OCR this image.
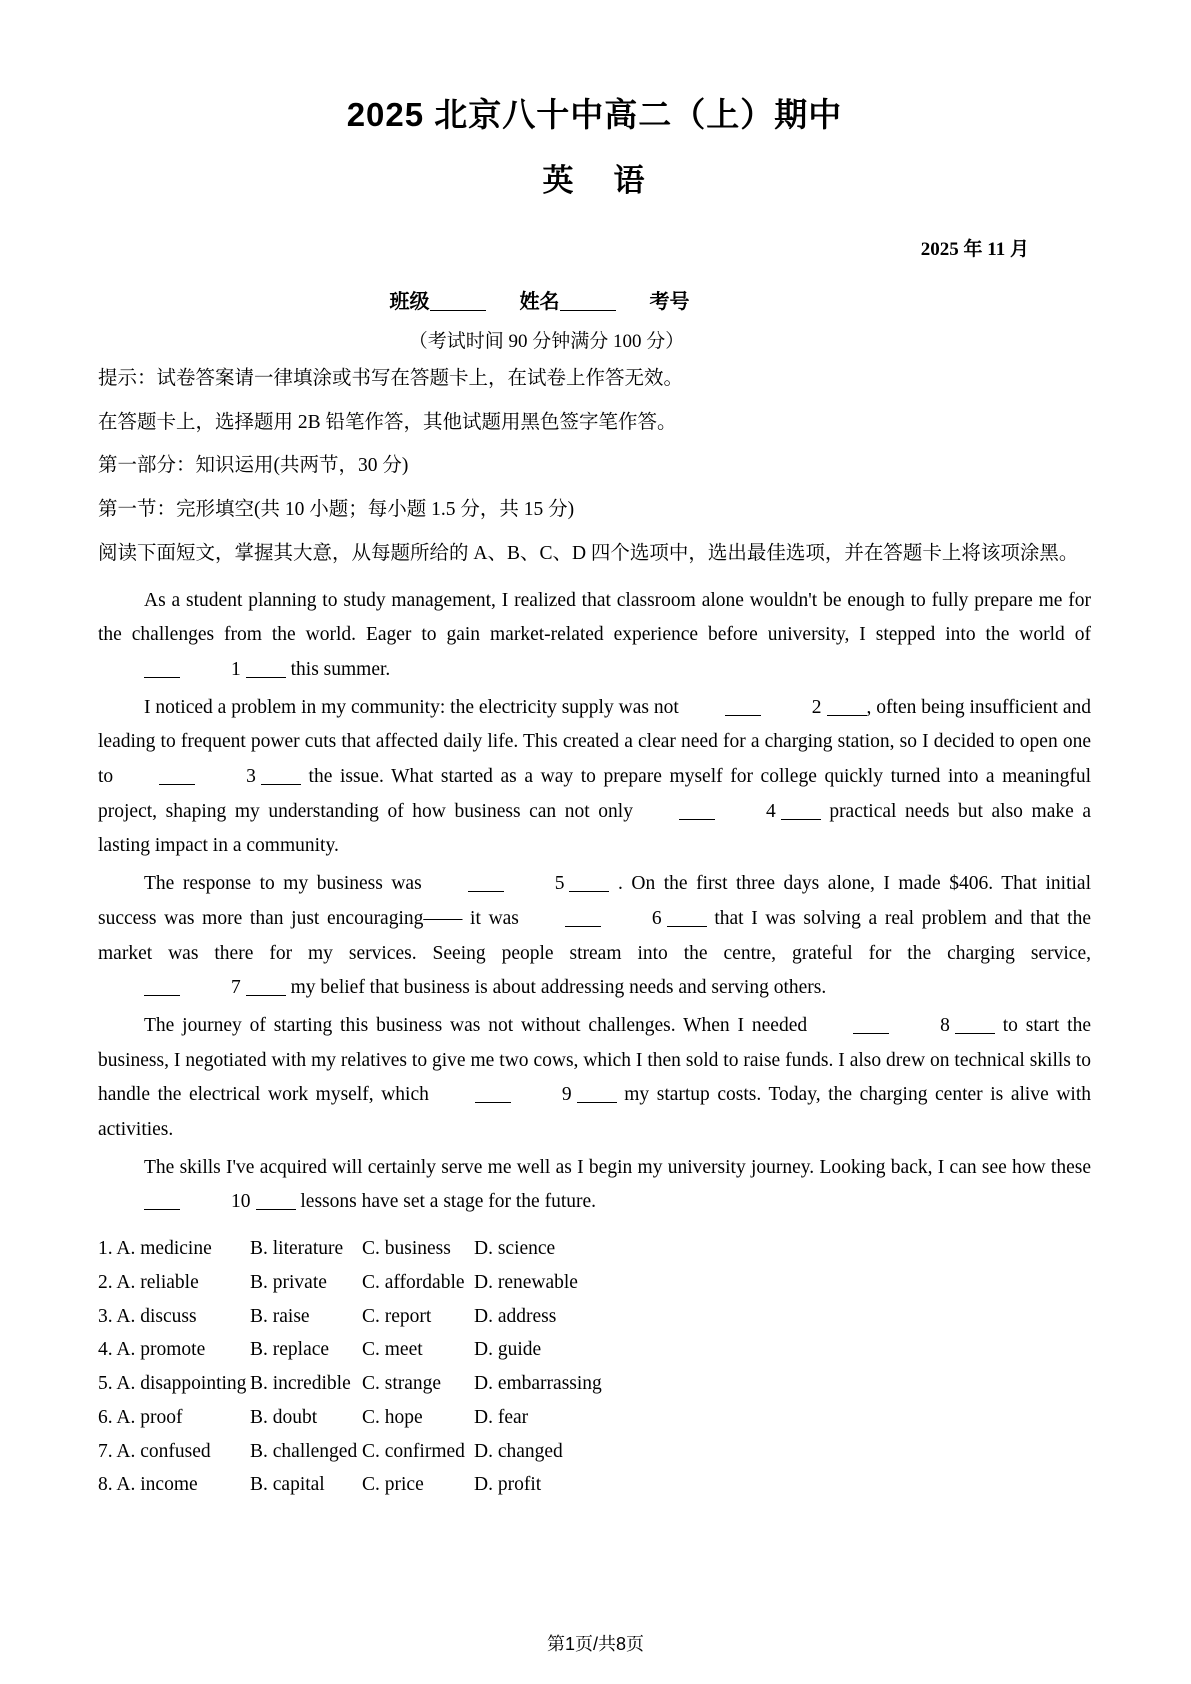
2025 北京八十中高二（上）期中
英 语

2025 年 11 月

班级	姓名	考号

（考试时间 90 分钟满分 100 分）

提示：试卷答案请一律填涂或书写在答题卡上，在试卷上作答无效。

在答题卡上，选择题用 2B 铅笔作答，其他试题用黑色签字笔作答。

第一部分：知识运用(共两节，30 分)

第一节：完形填空(共 10 小题；每小题 1.5 分，共 15 分)

阅读下面短文，掌握其大意，从每题所给的 A、B、C、D 四个选项中，选出最佳选项，并在答题卡上将该项涂黑。

As a student planning to study management, I realized that classroom alone wouldn't be enough to fully prepare me for the challenges from the world. Eager to gain market-related experience before university, I stepped into the world of1	this summer.

I noticed a problem in my community: the electricity supply was not	2 , often being insufficient and leading to frequent power cuts that affected daily life. This created a clear need for a charging station, so I decided to open one to	3	the issue. What started as a way to prepare myself for college quickly turned into a meaningful project, shaping my understanding of how business can not only	4	practical needs but also make a lasting impact in a community.

The response to my business was	5	. On the first three days alone, I made $406. That initial success was more than just encouraging—— it was	6	that I was solving a real problem and that the market was there for my services. Seeing people stream into the centre, grateful for the charging service,7	my belief that business is about addressing needs and serving others.

The journey of starting this business was not without challenges. When I needed	8	to start the business, I negotiated with my relatives to give me two cows, which I then sold to raise funds. I also drew on technical skills to handle the electrical work myself, which	9	my startup costs. Today, the charging center is alive with activities.

The skills I've acquired will certainly serve me well as I begin my university journey. Looking back, I can see how these10	lessons have set a stage for the future.

1. A. medicine	B. literature C. business	D. science
2. A. reliable	B. private	C. affordable D. renewable
3. A. discuss	B. raise	C. report	D. address
4. A. promote	B. replace	C. meet	D. guide
5. A. disappointing B. incredible C. strange	D. embarrassing
6. A. proof	B. doubt	C. hope	D. fear
7. A. confused	B. challenged C. confirmed D. changed
8. A. income	B. capital	C. price	D. profit
第1页/共8页
